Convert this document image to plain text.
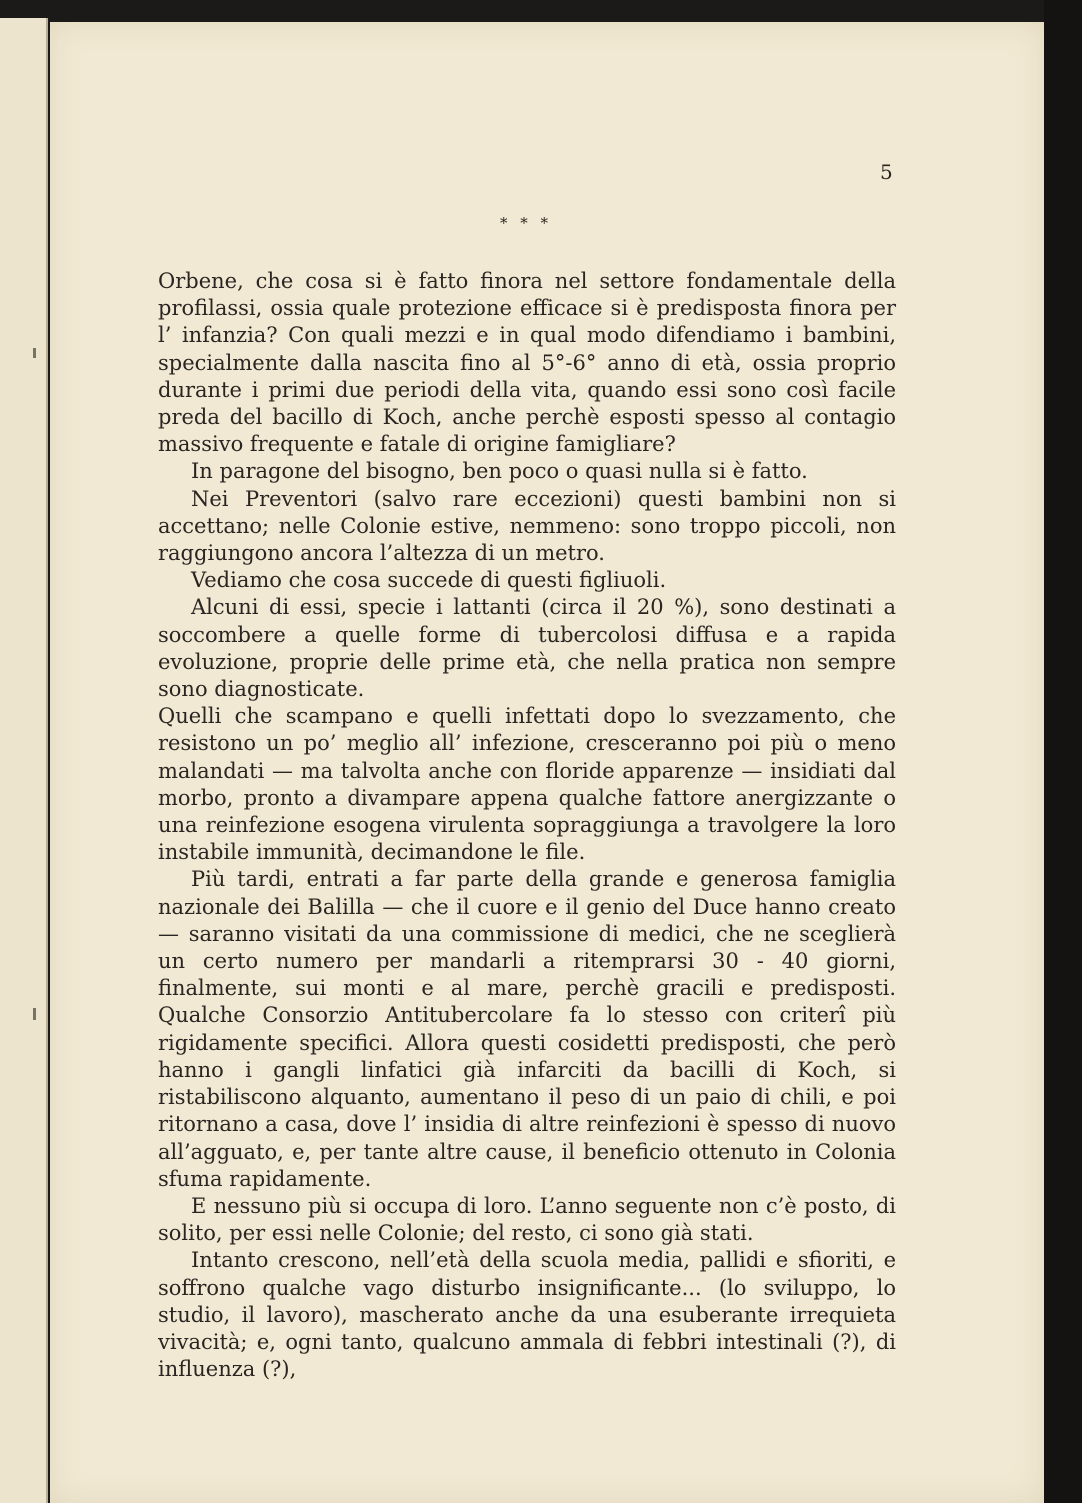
5
* * *

Orbene, che cosa si è fatto finora nel settore fondamentale della profilassi, ossia quale protezione efficace si è predisposta finora per l’ infanzia? Con quali mezzi e in qual modo difendiamo i bambini, specialmente dalla nascita fino al 5°-6° anno di età, ossia proprio durante i primi due periodi della vita, quando essi sono così facile preda del bacillo di Koch, anche perchè esposti spesso al contagio massivo frequente e fatale di origine famigliare?

In paragone del bisogno, ben poco o quasi nulla si è fatto.

Nei Preventori (salvo rare eccezioni) questi bambini non si accettano; nelle Colonie estive, nemmeno: sono troppo piccoli, non raggiungono ancora l’altezza di un metro.

Vediamo che cosa succede di questi figliuoli.

Alcuni di essi, specie i lattanti (circa il 20 %), sono destinati a soccombere a quelle forme di tubercolosi diffusa e a rapida evoluzione, proprie delle prime età, che nella pratica non sempre sono diagnosticate.

Quelli che scampano e quelli infettati dopo lo svezzamento, che resistono un po’ meglio all’ infezione, cresceranno poi più o meno malandati — ma talvolta anche con floride apparenze — insidiati dal morbo, pronto a divampare appena qualche fattore anergizzante o una reinfezione esogena virulenta sopraggiunga a travolgere la loro instabile immunità, decimandone le file.

Più tardi, entrati a far parte della grande e generosa famiglia nazionale dei Balilla — che il cuore e il genio del Duce hanno creato — saranno visitati da una commissione di medici, che ne sceglierà un certo numero per mandarli a ritemprarsi 30 - 40 giorni, finalmente, sui monti e al mare, perchè gracili e predisposti. Qualche Consorzio Antitubercolare fa lo stesso con criterî più rigidamente specifici. Allora questi cosidetti predisposti, che però hanno i gangli linfatici già infarciti da bacilli di Koch, si ristabiliscono alquanto, aumentano il peso di un paio di chili, e poi ritornano a casa, dove l’ insidia di altre reinfezioni è spesso di nuovo all’agguato, e, per tante altre cause, il beneficio ottenuto in Colonia sfuma rapidamente.

E nessuno più si occupa di loro. L’anno seguente non c’è posto, di solito, per essi nelle Colonie; del resto, ci sono già stati.

Intanto crescono, nell’età della scuola media, pallidi e sfioriti, e soffrono qualche vago disturbo insignificante... (lo sviluppo, lo studio, il lavoro), mascherato anche da una esuberante irrequieta vivacità; e, ogni tanto, qualcuno ammala di febbri intestinali (?), di influenza (?),
